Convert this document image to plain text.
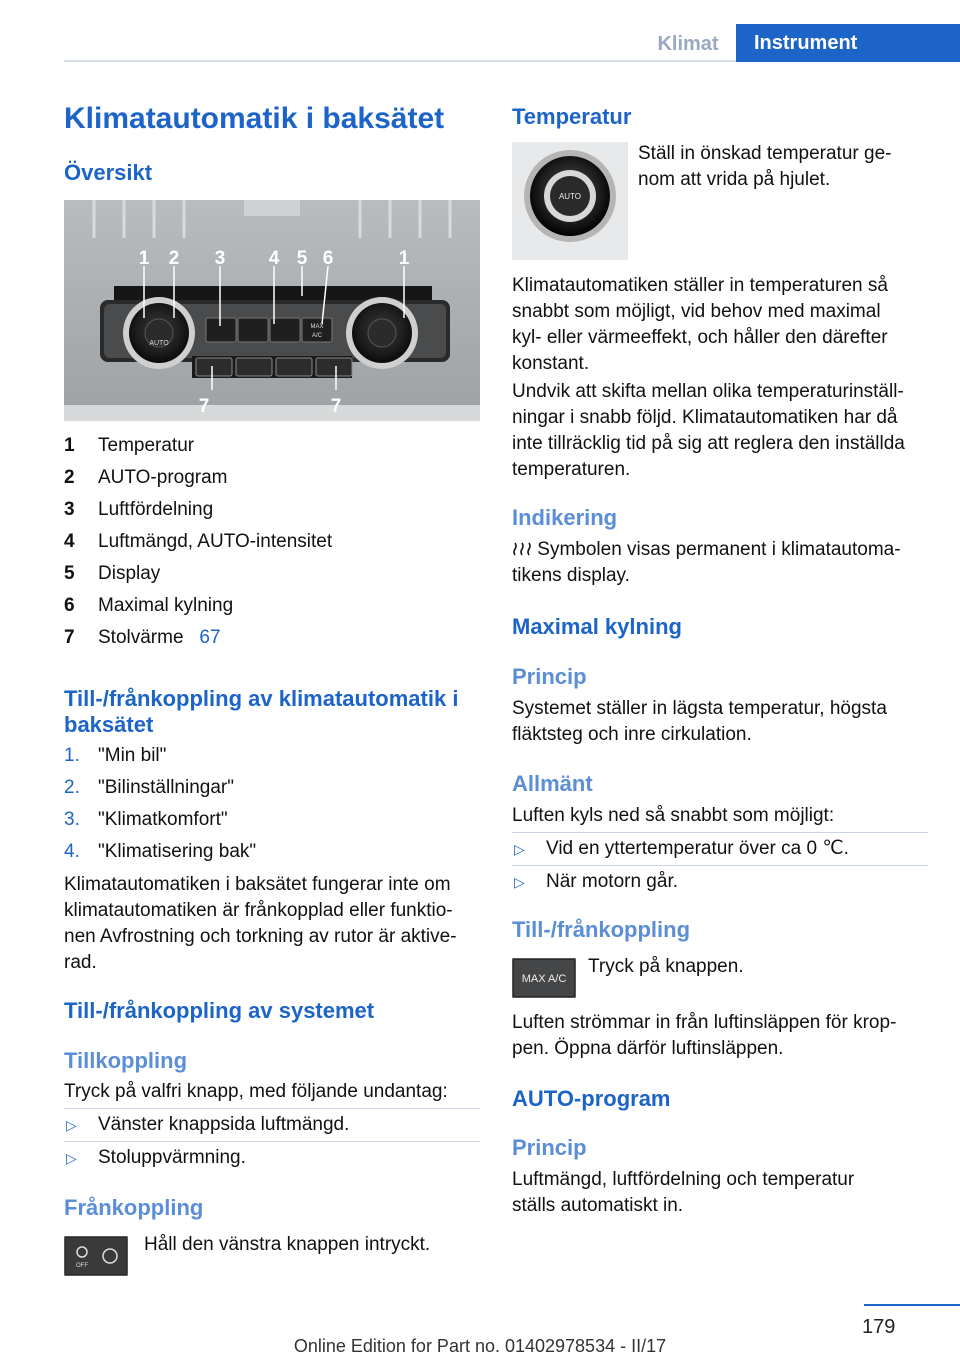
Klimat	Instrument
Klimatautomatik i baksätet
Översikt
AUTO
MAX
A/C
1 2 3 4 5 6	1
7	7
1	Temperatur
2	AUTO-program
3	Luftfördelning
4	Luftmängd, AUTO-intensitet
5	Display
6	Maximal kylning
7	Stolvärme 67
Till-/frånkoppling av klimatautomatik i baksätet
1. "Min bil"
2. "Bilinställningar"
3. "Klimatkomfort"
4. "Klimatisering bak"
Klimatautomatiken i baksätet fungerar inte om
klimatautomatiken är frånkopplad eller funktio-
nen Avfrostning och torkning av rutor är aktive-
rad.
Till-/frånkoppling av systemet
Tillkoppling
Tryck på valfri knapp, med följande undantag:
▷ Vänster knappsida luftmängd.
▷ Stoluppvärmning.
Frånkoppling
OFF
Håll den vänstra knappen intryckt.
Temperatur
AUTO
Ställ in önskad temperatur ge-
nom att vrida på hjulet.
Klimatautomatiken ställer in temperaturen så
snabbt som möjligt, vid behov med maximal
kyl- eller värmeeffekt, och håller den därefter
konstant.
Undvik att skifta mellan olika temperaturinställ-
ningar i snabb följd. Klimatautomatiken har då
inte tillräcklig tid på sig att reglera den inställda
temperaturen.
Indikering
Symbolen visas permanent i klimatautoma-
tikens display.
Maximal kylning
Princip
Systemet ställer in lägsta temperatur, högsta
fläktsteg och inre cirkulation.
Allmänt
Luften kyls ned så snabbt som möjligt:
▷ Vid en yttertemperatur över ca 0 ℃.
▷ När motorn går.
Till-/frånkoppling
MAX A/C
Tryck på knappen.
Luften strömmar in från luftinsläppen för krop-
pen. Öppna därför luftinsläppen.
AUTO-program
Princip
Luftmängd, luftfördelning och temperatur
ställs automatiskt in.
179
Online Edition for Part no. 01402978534 - II/17
